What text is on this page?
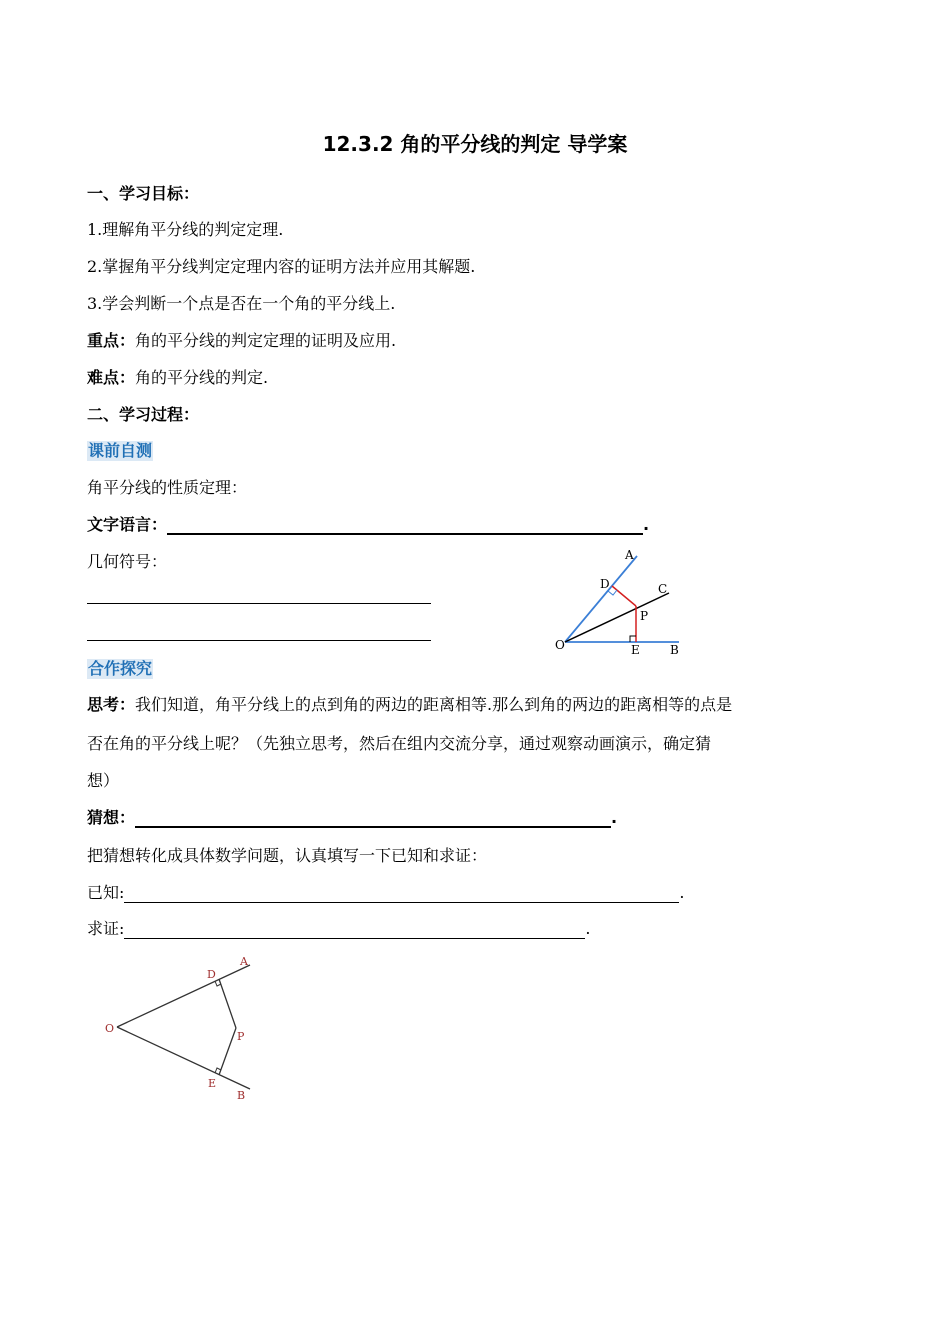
12.3.2 角的平分线的判定 导学案
一、学习目标：
1.理解角平分线的判定定理.
2.掌握角平分线判定定理内容的证明方法并应用其解题.
3.学会判断一个点是否在一个角的平分线上.
重点：角的平分线的判定定理的证明及应用.
难点：角的平分线的判定.
二、学习过程：
课前自测
角平分线的性质定理：
文字语言：	.
几何符号：	A
C
D
P
O	E	B
合作探究
思考：我们知道，角平分线上的点到角的两边的距离相等.那么到角的两边的距离相等的点是
否在角的平分线上呢？（先独立思考，然后在组内交流分享，通过观察动画演示，确定猜
想）
猜想：	.
把猜想转化成具体数学问题，认真填写一下已知和求证：
已知:	.
求证:	.
A
D
O
P
E
B
